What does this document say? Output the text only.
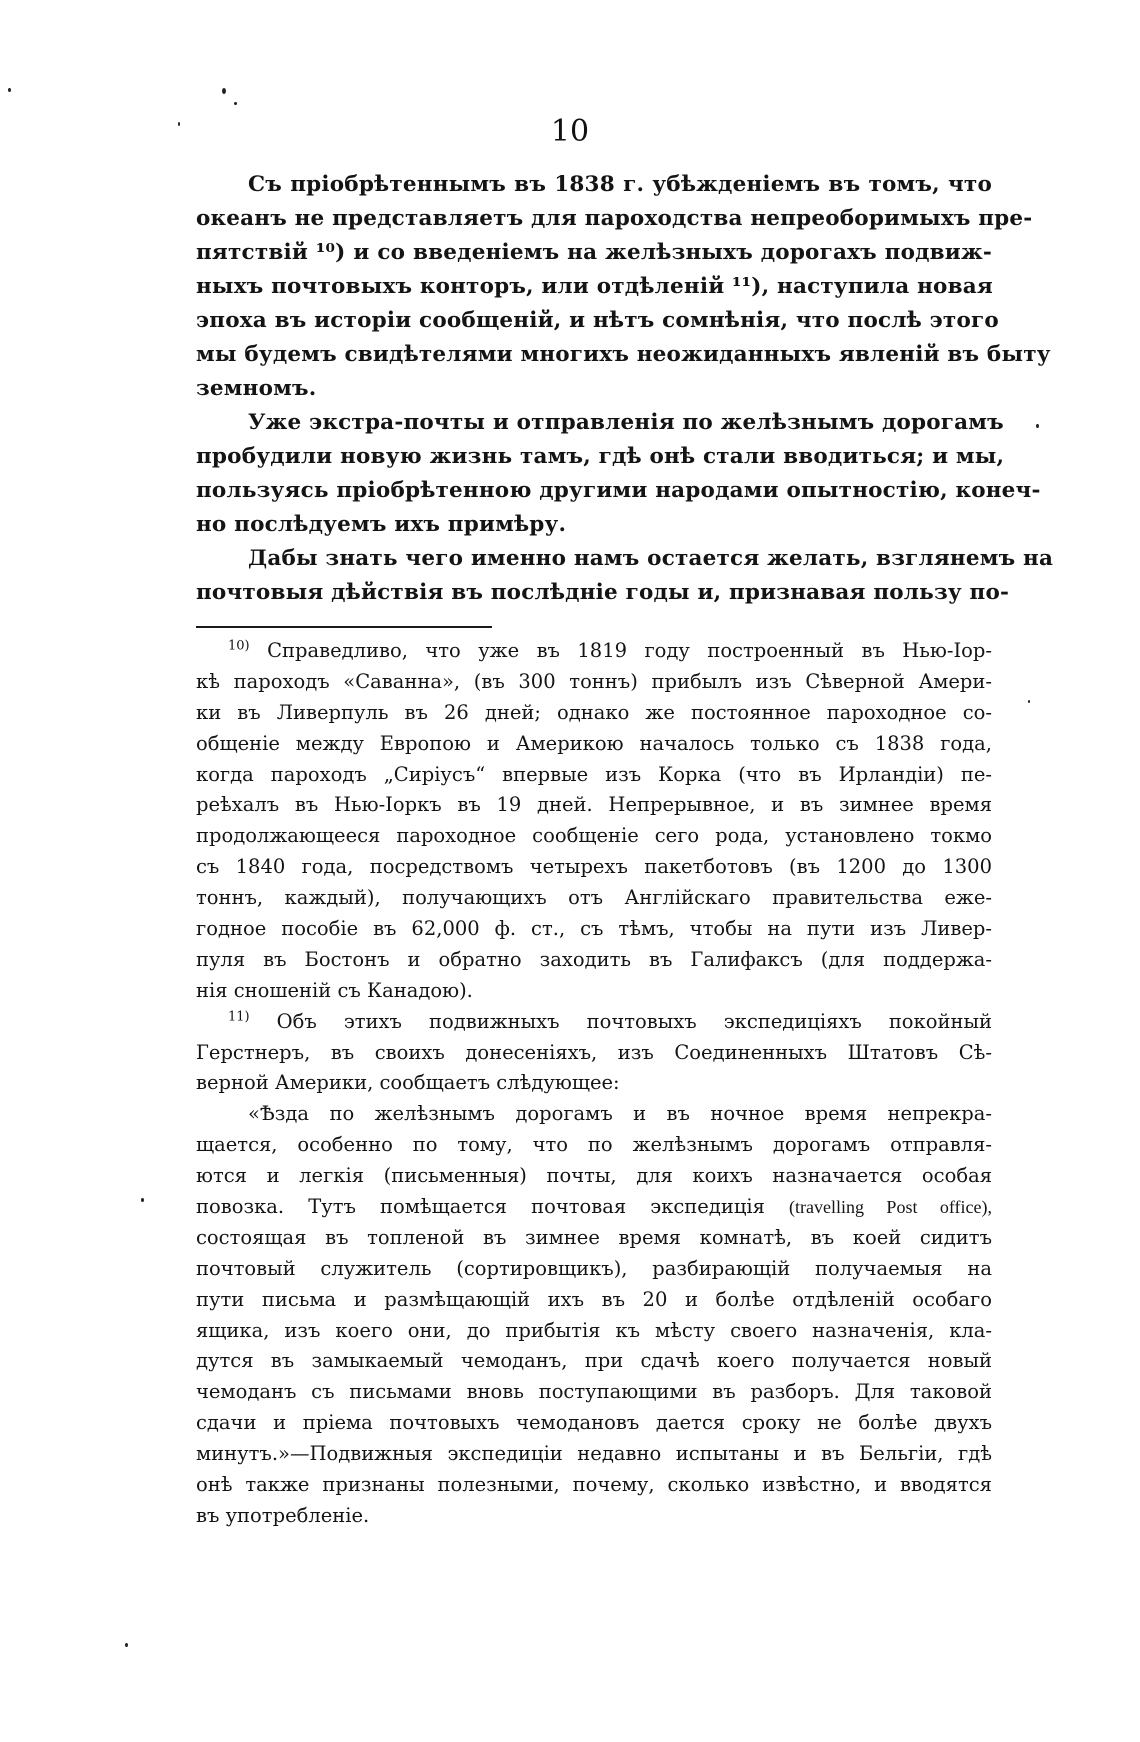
10
Съ пріобрѣтеннымъ въ 1838 г. убѣжденіемъ въ томъ, что
океанъ не представляетъ для пароходства непреоборимыхъ пре-
пятствій ¹⁰) и со введеніемъ на желѣзныхъ дорогахъ подвиж-
ныхъ почтовыхъ конторъ, или отдѣленій ¹¹), наступила новая
эпоха въ исторіи сообщеній, и нѣтъ сомнѣнія, что послѣ этого
мы будемъ свидѣтелями многихъ неожиданныхъ явленій въ быту
земномъ.
Уже экстра-почты и отправленія по желѣзнымъ дорогамъ
пробудили новую жизнь тамъ, гдѣ онѣ стали вводиться; и мы,
пользуясь пріобрѣтенною другими народами опытностію, конеч-
но послѣдуемъ ихъ примѣру.
Дабы знать чего именно намъ остается желать, взглянемъ на
почтовыя дѣйствія въ послѣдніе годы и, признавая пользу по-
$^{10)}$ Справедливо, что уже въ 1819 году построенный въ Нью-Іор-
кѣ пароходъ «Саванна», (въ 300 тоннъ) прибылъ изъ Сѣверной Амери-
ки въ Ливерпуль въ 26 дней; однако же постоянное пароходное со-
общеніе между Европою и Америкою началось только съ 1838 года,
когда пароходъ „Сиріусъ“ впервые изъ Корка (что въ Ирландіи) пе-
реѣхалъ въ Нью-Іоркъ въ 19 дней. Непрерывное, и въ зимнее время
продолжающееся пароходное сообщеніе сего рода, установлено токмо
съ 1840 года, посредствомъ четырехъ пакетботовъ (въ 1200 до 1300
тоннъ, каждый), получающихъ отъ Англійскаго правительства еже-
годное пособіе въ 62,000 ф. ст., съ тѣмъ, чтобы на пути изъ Ливер-
пуля въ Бостонъ и обратно заходить въ Галифаксъ (для поддержа-
нія сношеній съ Канадою).
$^{11)}$ Объ этихъ подвижныхъ почтовыхъ экспедиціяхъ покойный
Герстнеръ, въ своихъ донесеніяхъ, изъ Соединенныхъ Штатовъ Сѣ-
верной Америки, сообщаетъ слѣдующее:
«Ѣзда по желѣзнымъ дорогамъ и въ ночное время непрекра-
щается, особенно по тому, что по желѣзнымъ дорогамъ отправля-
ются и легкія (письменныя) почты, для коихъ назначается особая
повозка. Тутъ помѣщается почтовая экспедиція (travelling Post office),
состоящая въ топленой въ зимнее время комнатѣ, въ коей сидитъ
почтовый служитель (сортировщикъ), разбирающій получаемыя на
пути письма и размѣщающій ихъ въ 20 и болѣе отдѣленій особаго
ящика, изъ коего они, до прибытія къ мѣсту своего назначенія, кла-
дутся въ замыкаемый чемоданъ, при сдачѣ коего получается новый
чемоданъ съ письмами вновь поступающими въ разборъ. Для таковой
сдачи и пріема почтовыхъ чемодановъ дается сроку не болѣе двухъ
минутъ.»—Подвижныя экспедиціи недавно испытаны и въ Бельгіи, гдѣ
онѣ также признаны полезными, почему, сколько извѣстно, и вводятся
въ употребленіе.
